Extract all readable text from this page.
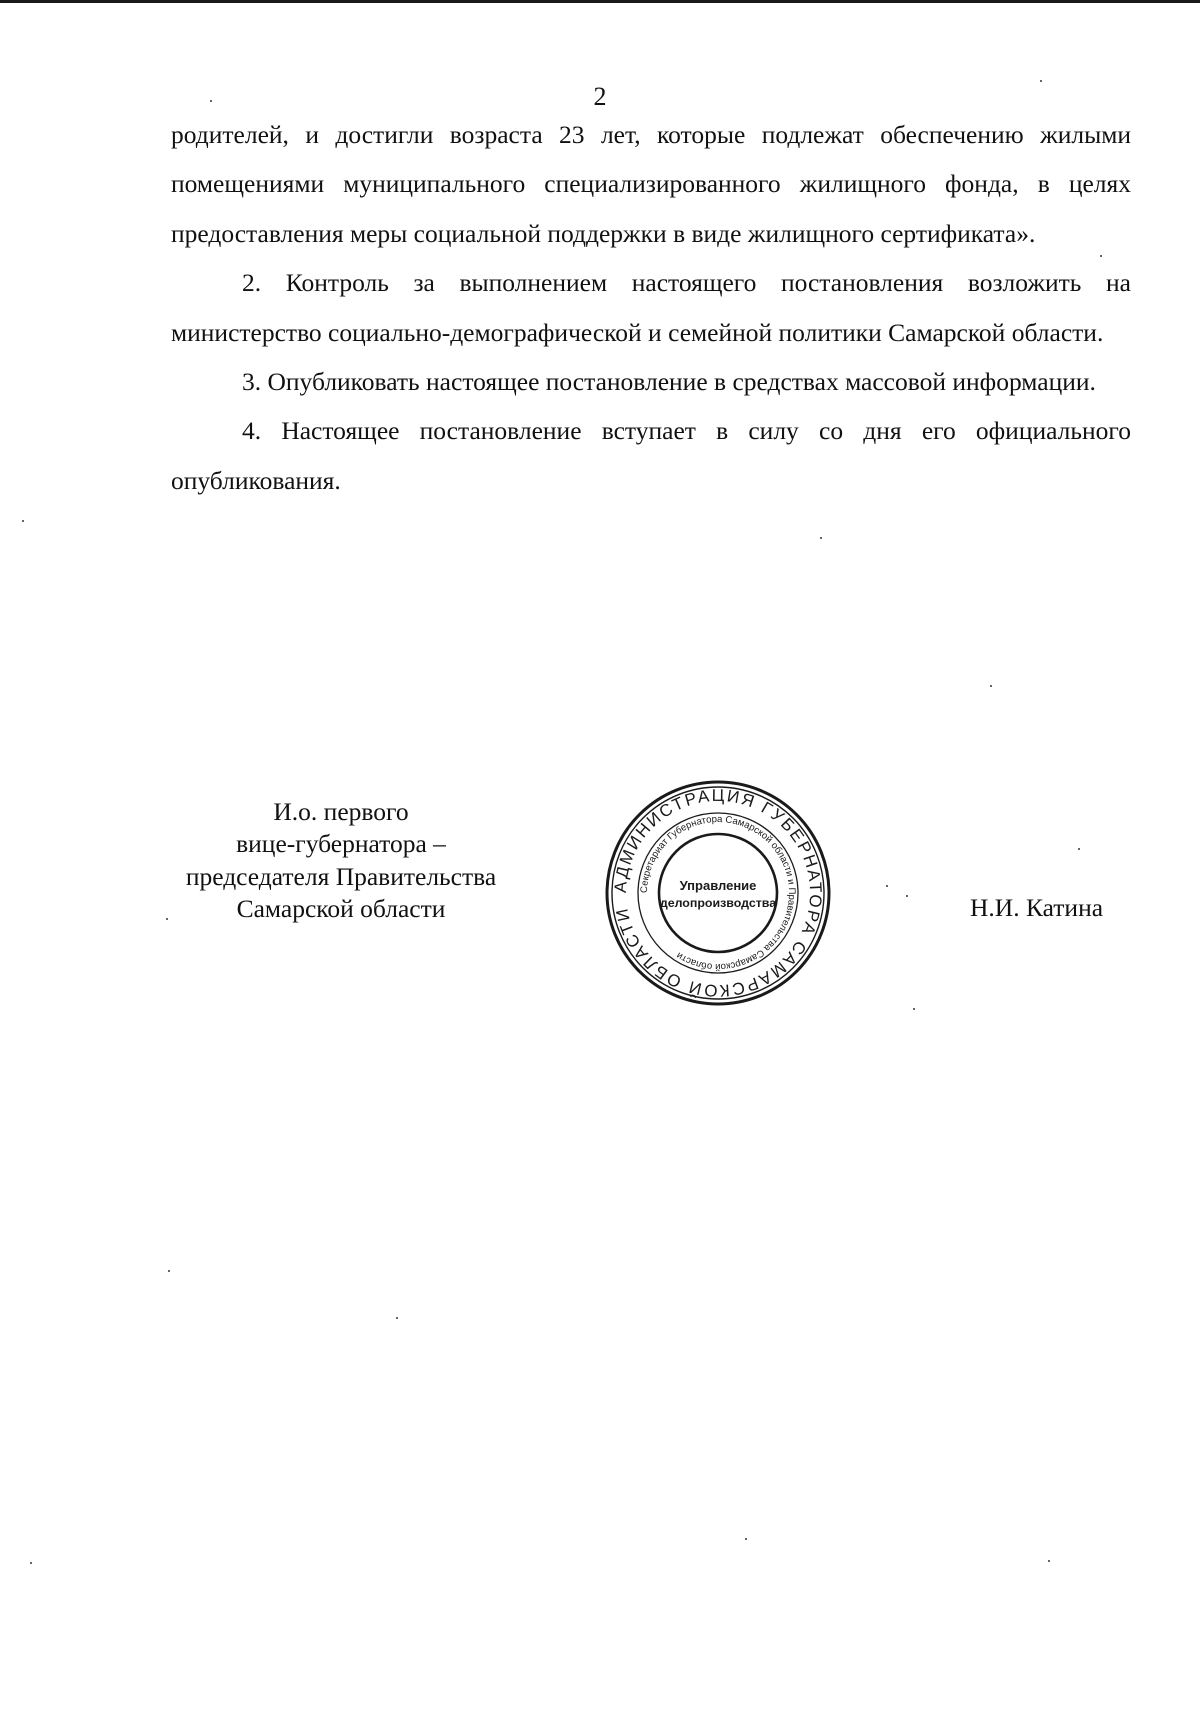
2

родителей, и достигли возраста 23 лет, которые подлежат обеспечению жилыми помещениями муниципального специализированного жилищного фонда, в целях предоставления меры социальной поддержки в виде жилищного сертификата».

2. Контроль за выполнением настоящего постановления возложить на министерство социально-демографической и семейной политики Самарской области.

3. Опубликовать настоящее постановление в средствах массовой информации.

4. Настоящее постановление вступает в силу со дня его официального опубликования.

И.о. первого
вице-губернатора –
председателя Правительства
Самарской области
АДМИНИСТРАЦИЯ ГУБЕРНАТОРА САМАРСКОЙ ОБЛАСТИ
Секретариат Губернатора Самарской области и Правительства Самарской области
Управление
делопроизводства	Н.И. Катина
